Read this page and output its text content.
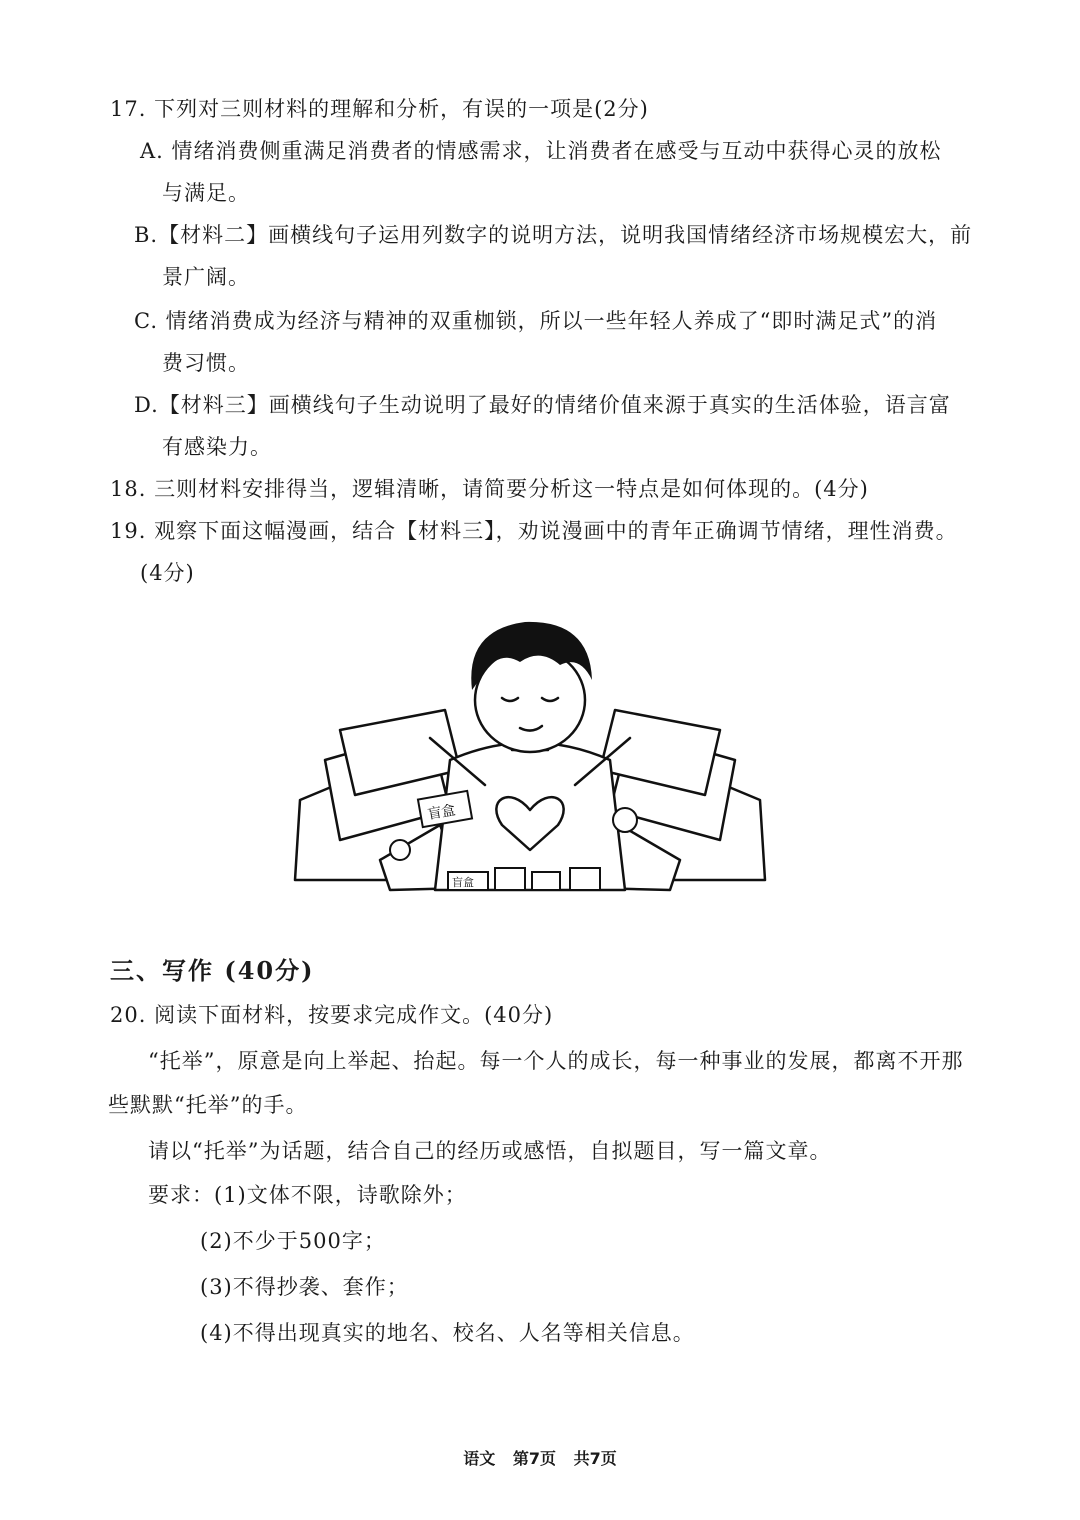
17. 下列对三则材料的理解和分析，有误的一项是(2分)
A. 情绪消费侧重满足消费者的情感需求，让消费者在感受与互动中获得心灵的放松
与满足。
B.【材料二】画横线句子运用列数字的说明方法，说明我国情绪经济市场规模宏大，前
景广阔。
C. 情绪消费成为经济与精神的双重枷锁，所以一些年轻人养成了“即时满足式”的消
费习惯。
D.【材料三】画横线句子生动说明了最好的情绪价值来源于真实的生活体验，语言富
有感染力。
18. 三则材料安排得当，逻辑清晰，请简要分析这一特点是如何体现的。(4分)
19. 观察下面这幅漫画，结合【材料三】，劝说漫画中的青年正确调节情绪，理性消费。
(4分)
盲盒
盲盒
三、写作 (40分)
20. 阅读下面材料，按要求完成作文。(40分)
“托举”，原意是向上举起、抬起。每一个人的成长，每一种事业的发展，都离不开那
些默默“托举”的手。
请以“托举”为话题，结合自己的经历或感悟，自拟题目，写一篇文章。
要求：(1)文体不限，诗歌除外；
(2)不少于500字；
(3)不得抄袭、套作；
(4)不得出现真实的地名、校名、人名等相关信息。
语文 第7页 共7页
